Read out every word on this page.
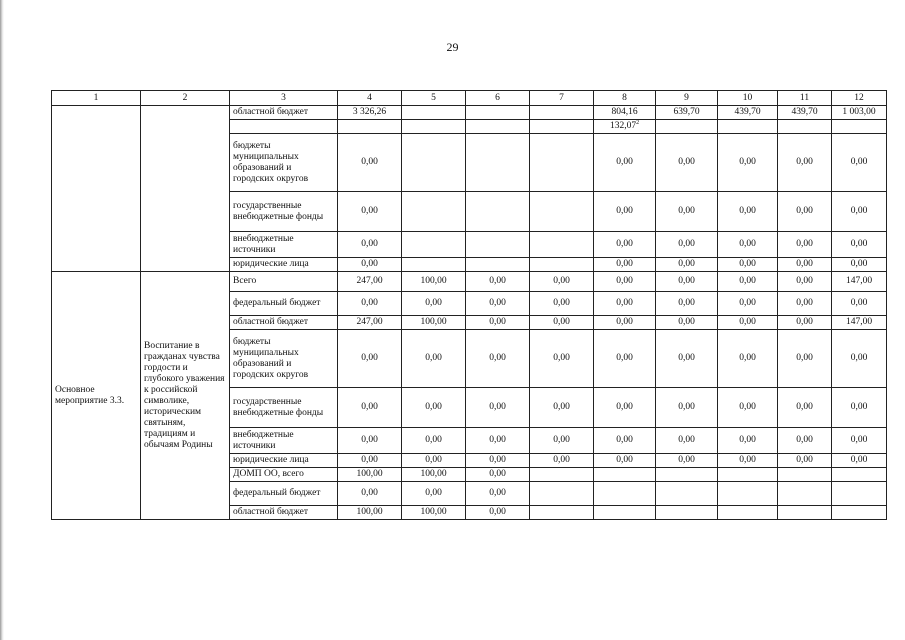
29
1	2	3	4	5	6	7	8	9	10	11	12
		областной бюджет	3 326,26				804,16	639,70	439,70	439,70	1 003,00
							132,07$^2$				
		бюджеты муниципальных образований и городских округов	0,00				0,00	0,00	0,00	0,00	0,00
		государственные внебюджетные фонды	0,00				0,00	0,00	0,00	0,00	0,00
		внебюджетные источники	0,00				0,00	0,00	0,00	0,00	0,00
		юридические лица	0,00				0,00	0,00	0,00	0,00	0,00
Основное мероприятие 3.3.	Воспитание в гражданах чувства гордости и глубокого уважения к российской символике, историческим святыням, традициям и обычаям Родины	Всего	247,00	100,00	0,00	0,00	0,00	0,00	0,00	0,00	147,00
		федеральный бюджет	0,00	0,00	0,00	0,00	0,00	0,00	0,00	0,00	0,00
		областной бюджет	247,00	100,00	0,00	0,00	0,00	0,00	0,00	0,00	147,00
		бюджеты муниципальных образований и городских округов	0,00	0,00	0,00	0,00	0,00	0,00	0,00	0,00	0,00
		государственные внебюджетные фонды	0,00	0,00	0,00	0,00	0,00	0,00	0,00	0,00	0,00
		внебюджетные источники	0,00	0,00	0,00	0,00	0,00	0,00	0,00	0,00	0,00
		юридические лица	0,00	0,00	0,00	0,00	0,00	0,00	0,00	0,00	0,00
		ДОМП ОО, всего	100,00	100,00	0,00						
		федеральный бюджет	0,00	0,00	0,00						
		областной бюджет	100,00	100,00	0,00						
